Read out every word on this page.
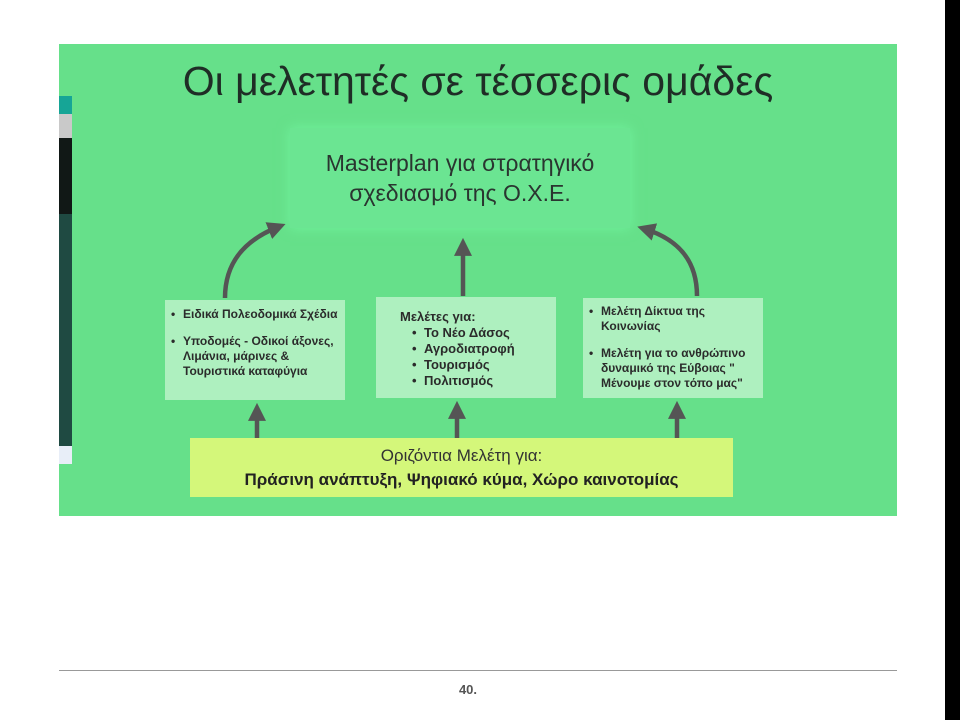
Οι μελετητές σε τέσσερις ομάδες
Masterplan για στρατηγικό σχεδιασμό της Ο.Χ.Ε.
• Ειδικά Πολεοδομικά Σχέδια
• Υποδομές - Οδικοί άξονες, Λιμάνια, μάρινες & Τουριστικά καταφύγια
Μελέτες για:
• Το Νέο Δάσος
• Αγροδιατροφή
• Τουρισμός
• Πολιτισμός
• Μελέτη Δίκτυα της Κοινωνίας
• Μελέτη για το ανθρώπινο δυναμικό της Εύβοιας " Μένουμε στον τόπο μας"
Οριζόντια Μελέτη για:
Πράσινη ανάπτυξη, Ψηφιακό κύμα, Χώρο καινοτομίας
40.
